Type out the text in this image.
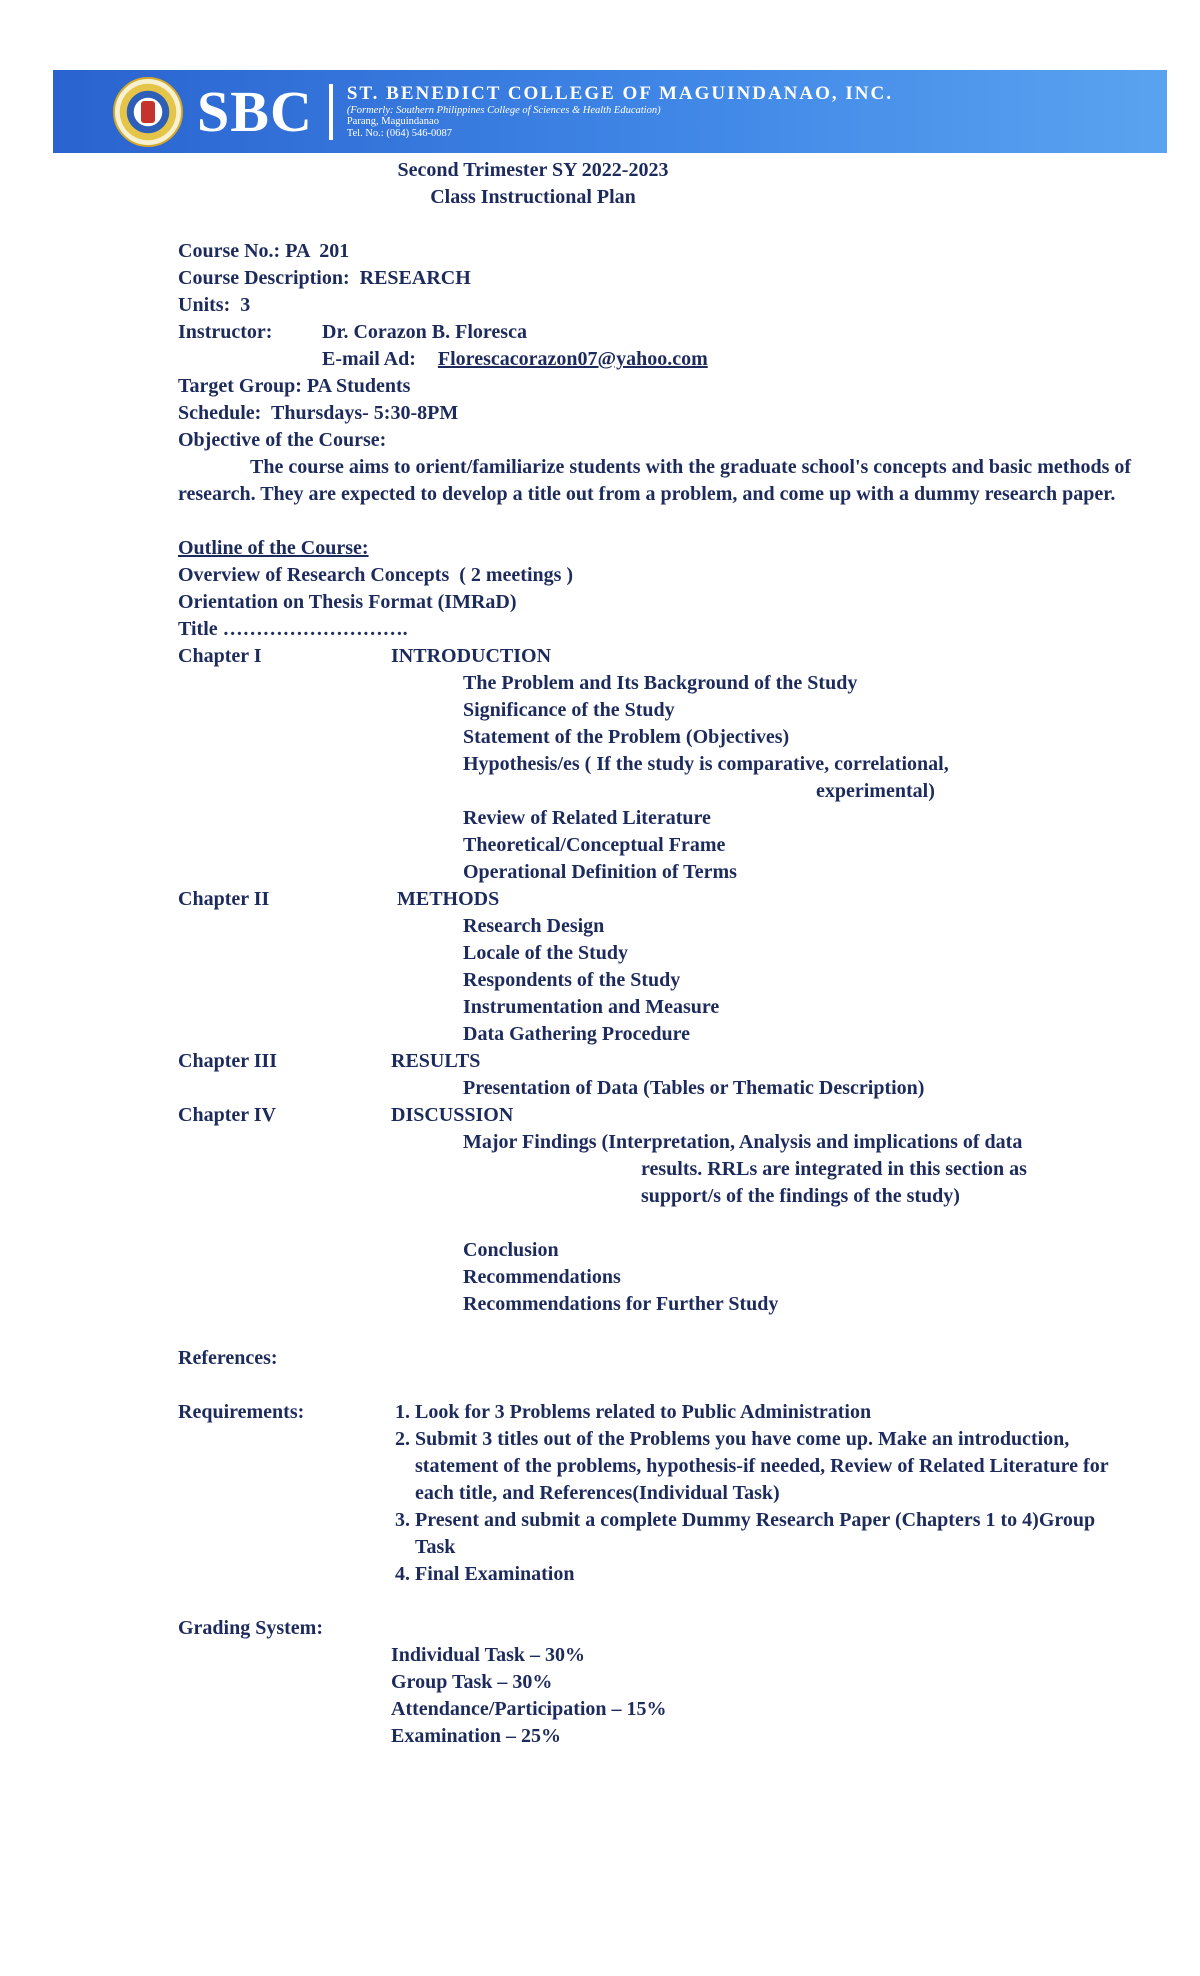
SBC ST. BENEDICT COLLEGE OF MAGUINDANAO, INC.
(Formerly: Southern Philippines College of Sciences & Health Education)
Parang, Maguindanao
Tel. No.: (064) 546-0087
Second Trimester SY 2022-2023
Class Instructional Plan
Course No.: PA  201
Course Description:  RESEARCH
Units:  3
Instructor:	Dr. Corazon B. Floresca
E-mail Ad: Florescacorazon07@yahoo.com
Target Group: PA Students
Schedule:  Thursdays- 5:30-8PM
Objective of the Course:
The course aims to orient/familiarize students with the graduate school's concepts and basic methods of research. They are expected to develop a title out from a problem, and come up with a dummy research paper.
Outline of the Course:
Overview of Research Concepts  ( 2 meetings )
Orientation on Thesis Format (IMRaD)
Title ……………………….
Chapter I	INTRODUCTION
The Problem and Its Background of the Study
Significance of the Study
Statement of the Problem (Objectives)
Hypothesis/es ( If the study is comparative, correlational,
experimental)
Review of Related Literature
Theoretical/Conceptual Frame
Operational Definition of Terms
Chapter II	METHODS
Research Design
Locale of the Study
Respondents of the Study
Instrumentation and Measure
Data Gathering Procedure
Chapter III	RESULTS
Presentation of Data (Tables or Thematic Description)
Chapter IV	DISCUSSION
Major Findings (Interpretation, Analysis and implications of data
results. RRLs are integrated in this section as
support/s of the findings of the study)
Conclusion
Recommendations
Recommendations for Further Study
References:
Requirements:
1.	Look for 3 Problems related to Public Administration
2. Submit 3 titles out of the Problems you have come up. Make an introduction, statement of the problems, hypothesis-if needed, Review of Related Literature for each title, and References(Individual Task)
3. Present and submit a complete Dummy Research Paper (Chapters 1 to 4)Group Task
4. Final Examination
Grading System:
Individual Task – 30%
Group Task – 30%
Attendance/Participation – 15%
Examination – 25%
